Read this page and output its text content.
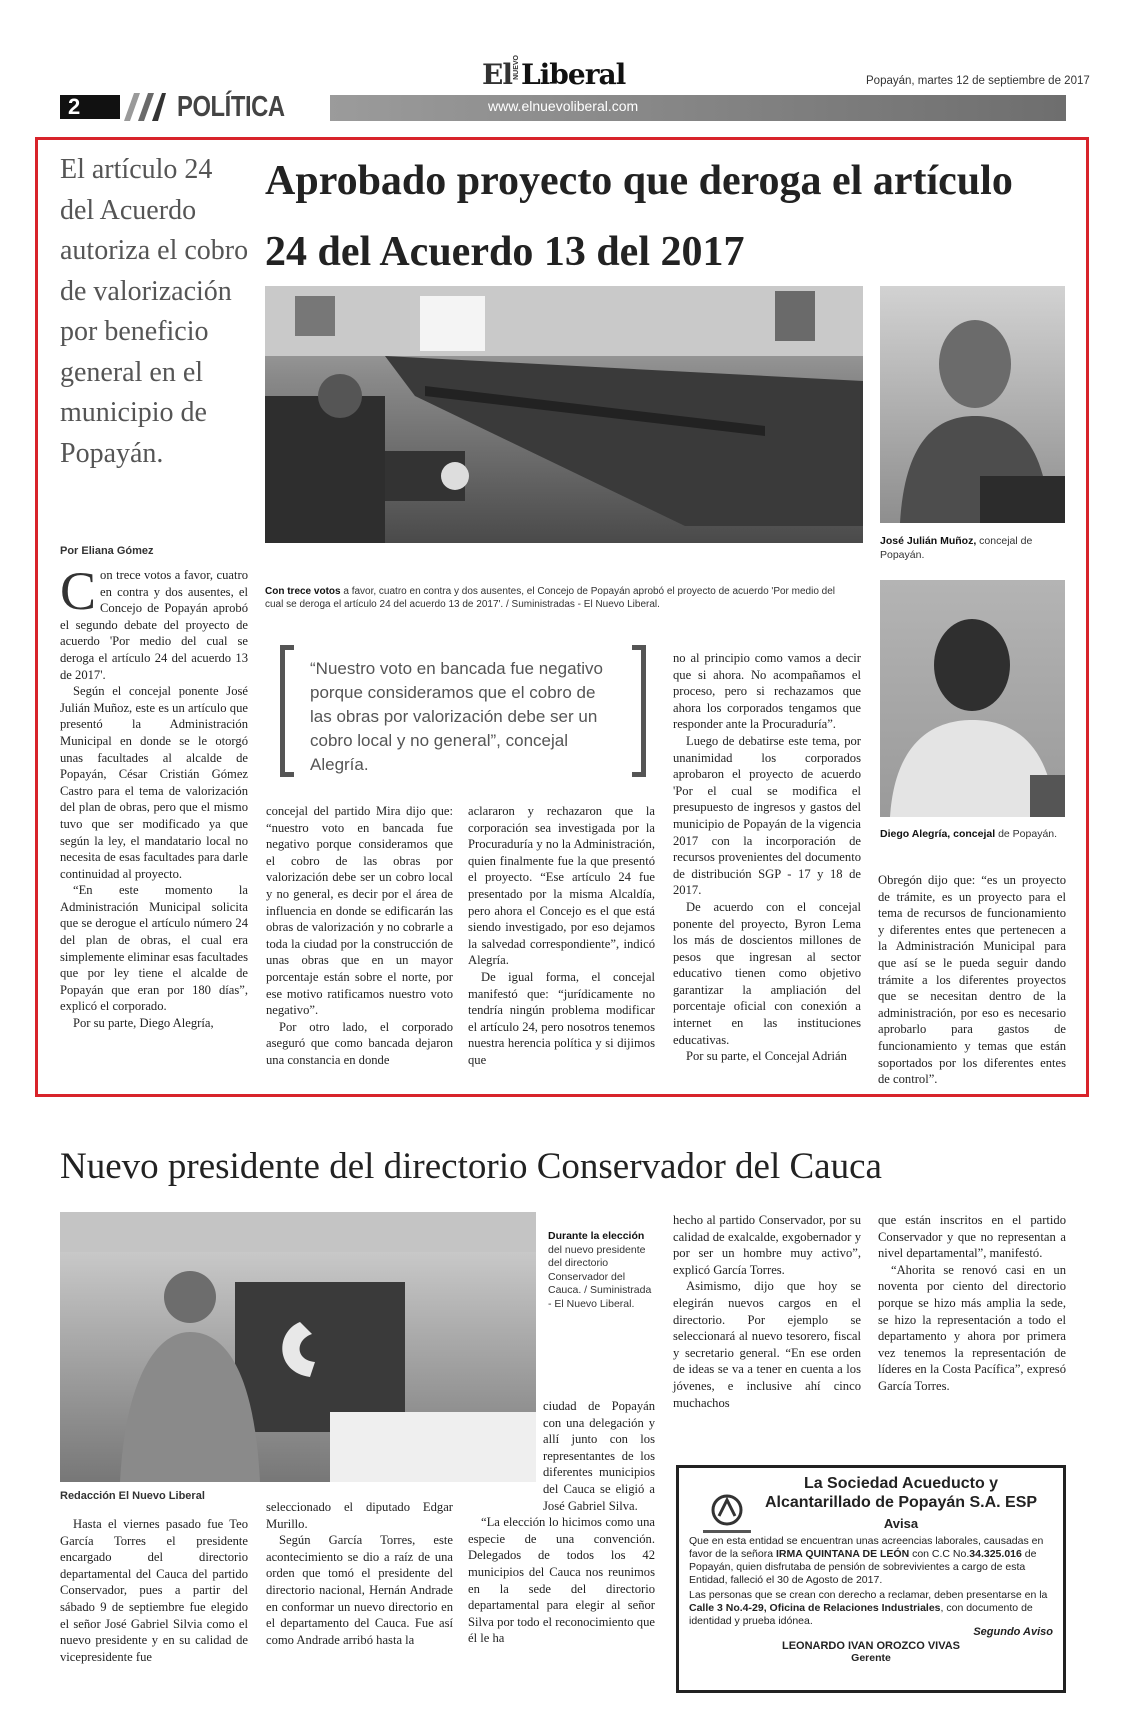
2	POLÍTICA	www.elnuevoliberal.com
ElNUEVOLiberal	Popayán, martes 12 de septiembre de 2017
El artículo 24 del Acuerdo autoriza el cobro de valorización por beneficio general en el municipio de Popayán.
Aprobado proyecto que deroga el artículo 24 del Acuerdo 13 del 2017
Con trece votos a favor, cuatro en contra y dos ausentes, el Concejo de Popayán aprobó el proyecto de acuerdo 'Por medio del cual se deroga el artículo 24 del acuerdo 13 de 2017'. / Suministradas - El Nuevo Liberal.
José Julián Muñoz, concejal de Popayán.
Diego Alegría, concejal de Popayán.
Por Eliana Gómez
“Nuestro voto en bancada fue negativo porque consideramos que el cobro de las obras por valorización debe ser un cobro local y no general”, concejal Alegría.

Con trece votos a favor, cuatro en contra y dos ausentes, el Concejo de Popayán aprobó el segundo debate del proyecto de acuerdo 'Por medio del cual se deroga el artículo 24 del acuerdo 13 de 2017'.

Según el concejal ponente José Julián Muñoz, este es un artículo que presentó la Administración Municipal en donde se le otorgó unas facultades al alcalde de Popayán, César Cristián Gómez Castro para el tema de valorización del plan de obras, pero que el mismo tuvo que ser modificado ya que según la ley, el mandatario local no necesita de esas facultades para darle continuidad al proyecto.

“En este momento la Administración Municipal solicita que se derogue el artículo número 24 del plan de obras, el cual era simplemente eliminar esas facultades que por ley tiene el alcalde de Popayán que eran por 180 días”, explicó el corporado.

Por su parte, Diego Alegría,

concejal del partido Mira dijo que: “nuestro voto en bancada fue negativo porque consideramos que el cobro de las obras por valorización debe ser un cobro local y no general, es decir por el área de influencia en donde se edificarán las obras de valorización y no cobrarle a toda la ciudad por la construcción de unas obras que en un mayor porcentaje están sobre el norte, por ese motivo ratificamos nuestro voto negativo”.

Por otro lado, el corporado aseguró que como bancada dejaron una constancia en donde

aclararon y rechazaron que la corporación sea investigada por la Procuraduría y no la Administración, quien finalmente fue la que presentó el proyecto. “Ese artículo 24 fue presentado por la misma Alcaldía, pero ahora el Concejo es el que está siendo investigado, por eso dejamos la salvedad correspondiente”, indicó Alegría.

De igual forma, el concejal manifestó que: “jurídicamente no tendría ningún problema modificar el artículo 24, pero nosotros tenemos nuestra herencia política y si dijimos que

no al principio como vamos a decir que si ahora. No acompañamos el proceso, pero si rechazamos que ahora los corporados tengamos que responder ante la Procuraduría”.

Luego de debatirse este tema, por unanimidad los corporados aprobaron el proyecto de acuerdo 'Por el cual se modifica el presupuesto de ingresos y gastos del municipio de Popayán de la vigencia 2017 con la incorporación de recursos provenientes del documento de distribución SGP - 17 y 18 de 2017.

De acuerdo con el concejal ponente del proyecto, Byron Lema los más de doscientos millones de pesos que ingresan al sector educativo tienen como objetivo garantizar la ampliación del porcentaje oficial con conexión a internet en las instituciones educativas.

Por su parte, el Concejal Adrián

Obregón dijo que: “es un proyecto de trámite, es un proyecto para el tema de recursos de funcionamiento y diferentes entes que pertenecen a la Administración Municipal para que así se le pueda seguir dando trámite a los diferentes proyectos que se necesitan dentro de la administración, por eso es necesario aprobarlo para gastos de funcionamiento y temas que están soportados por los diferentes entes de control”.

Nuevo presidente del directorio Conservador del Cauca
Durante la elección del nuevo presidente del directorio Conservador del Cauca. / Suministrada - El Nuevo Liberal.
Redacción El Nuevo Liberal

Hasta el viernes pasado fue Teo García Torres el presidente encargado del directorio departamental del Cauca del partido Conservador, pues a partir del sábado 9 de septiembre fue elegido el señor José Gabriel Silvia como el nuevo presidente y en su calidad de vicepresidente fue

seleccionado el diputado Edgar Murillo.

Según García Torres, este acontecimiento se dio a raíz de una orden que tomó el presidente del directorio nacional, Hernán Andrade en conformar un nuevo directorio en el departamento del Cauca. Fue así como Andrade arribó hasta la

ciudad de Popayán con una delegación y allí junto con los representantes de los diferentes municipios del Cauca se eligió a José Gabriel Silva.

“La elección lo hicimos como una especie de una convención. Delegados de todos los 42 municipios del Cauca nos reunimos en la sede del directorio departamental para elegir al señor Silva por todo el reconocimiento que él le ha

hecho al partido Conservador, por su calidad de exalcalde, exgobernador y por ser un hombre muy activo”, explicó García Torres.

Asimismo, dijo que hoy se elegirán nuevos cargos en el directorio. Por ejemplo se seleccionará al nuevo tesorero, fiscal y secretario general. “En ese orden de ideas se va a tener en cuenta a los jóvenes, e inclusive ahí cinco muchachos

que están inscritos en el partido Conservador y que no representan a nivel departamental”, manifestó.

“Ahorita se renovó casi en un noventa por ciento del directorio porque se hizo más amplia la sede, se hizo la representación a todo el departamento y ahora por primera vez tenemos la representación de líderes en la Costa Pacífica”, expresó García Torres.

La Sociedad Acueducto y
Alcantarillado de Popayán S.A. ESP
Avisa
Que en esta entidad se encuentran unas acreencias laborales, causadas en favor de la señora IRMA QUINTANA DE LEÓN con C.C No.34.325.016 de Popayán, quien disfrutaba de pensión de sobrevivientes a cargo de esta Entidad, falleció el 30 de Agosto de 2017.
Las personas que se crean con derecho a reclamar, deben presentarse en la Calle 3 No.4-29, Oficina de Relaciones Industriales, con documento de identidad y prueba idónea.
Segundo Aviso
LEONARDO IVAN OROZCO VIVAS
Gerente
